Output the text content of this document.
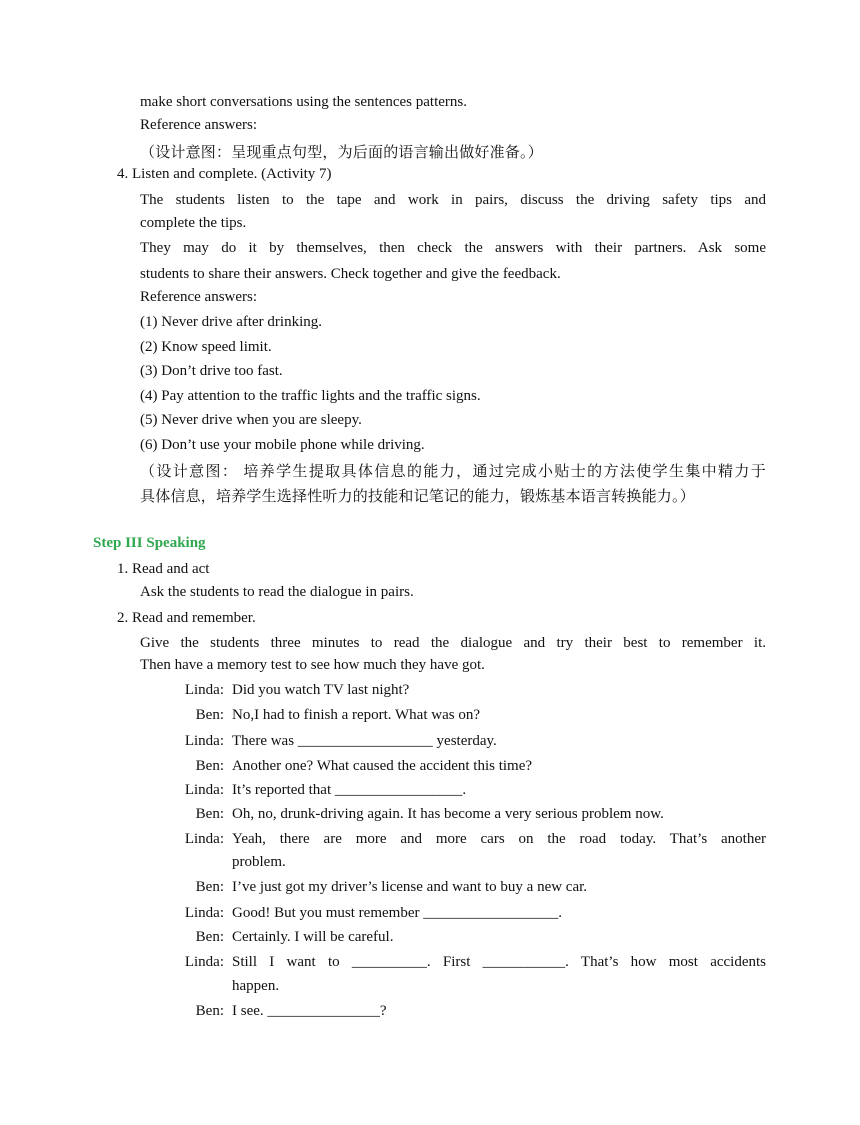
make short conversations using the sentences patterns.
Reference answers:
（设计意图：呈现重点句型，为后面的语言输出做好准备。）
4. Listen and complete. (Activity 7)
The students listen to the tape and work in pairs, discuss the driving safety tips and
complete the tips.
They may do it by themselves, then check the answers with their partners. Ask some
students to share their answers. Check together and give the feedback.
Reference answers:
(1) Never drive after drinking.
(2) Know speed limit.
(3) Don’t drive too fast.
(4) Pay attention to the traffic lights and the traffic signs.
(5) Never drive when you are sleepy.
(6) Don’t use your mobile phone while driving.
（设计意图： 培养学生提取具体信息的能力，通过完成小贴士的方法使学生集中精力于
具体信息，培养学生选择性听力的技能和记笔记的能力，锻炼基本语言转换能力。）
Step III Speaking
1. Read and act
Ask the students to read the dialogue in pairs.
2. Read and remember.
Give the students three minutes to read the dialogue and try their best to remember it.
Then have a memory test to see how much they have got.
Linda: Did you watch TV last night?
Ben: No,I had to finish a report. What was on?
Linda: There was __________________ yesterday.
Ben: Another one? What caused the accident this time?
Linda: It’s reported that _________________.
Ben: Oh, no, drunk-driving again. It has become a very serious problem now.
Linda: Yeah, there are more and more cars on the road today. That’s another
problem.
Ben: I’ve just got my driver’s license and want to buy a new car.
Linda: Good! But you must remember __________________.
Ben: Certainly. I will be careful.
Linda: Still I want to __________. First ___________. That’s how most accidents
happen.
Ben: I see. _______________?
